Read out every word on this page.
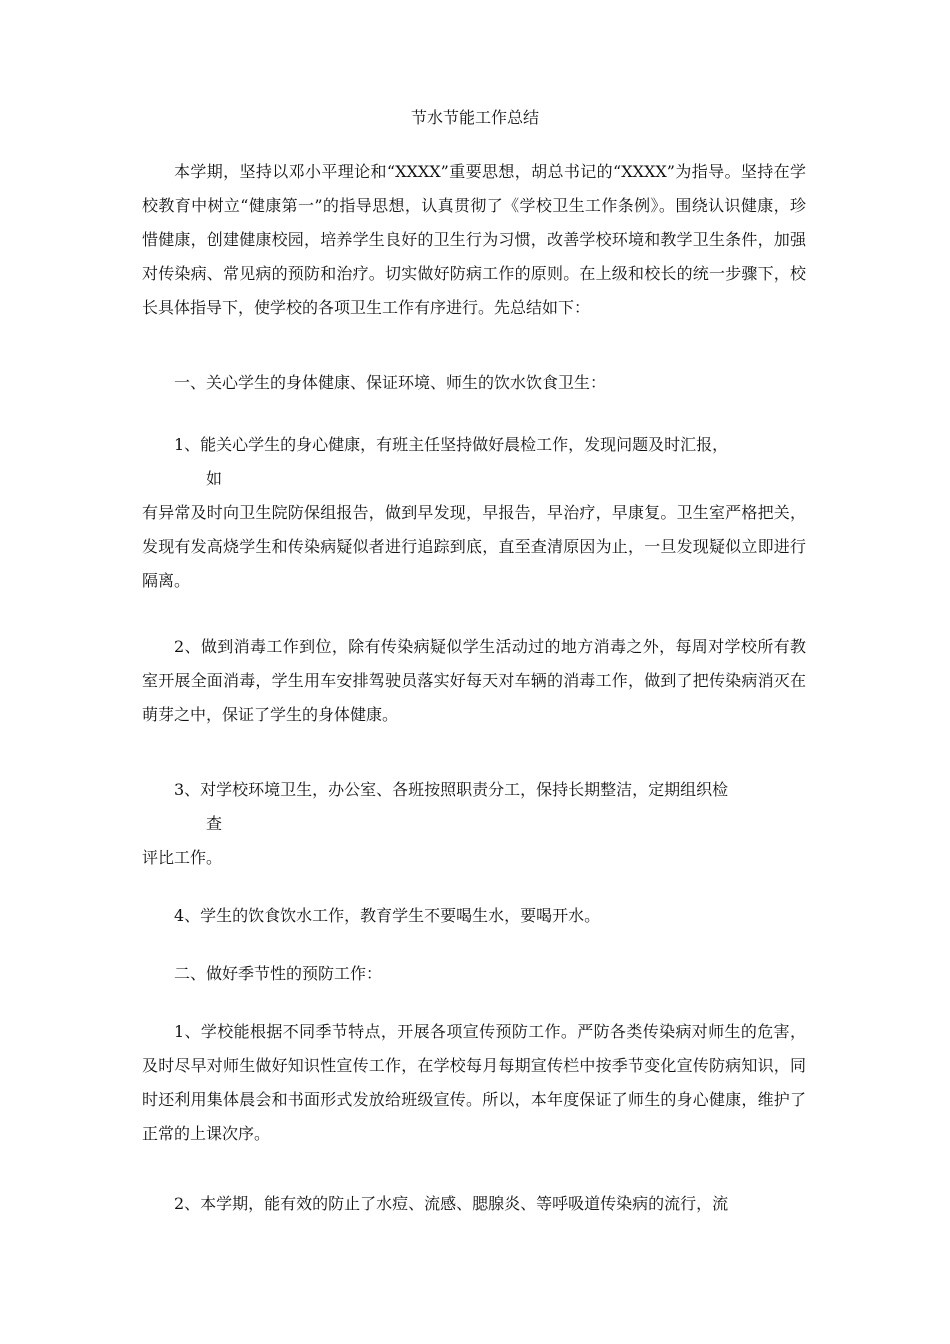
节水节能工作总结

本学期，坚持以邓小平理论和“XXXX”重要思想，胡总书记的“XXXX”为指导。坚持在学校教育中树立“健康第一”的指导思想，认真贯彻了《学校卫生工作条例》。围绕认识健康，珍惜健康，创建健康校园，培养学生良好的卫生行为习惯，改善学校环境和教学卫生条件，加强对传染病、常见病的预防和治疗。切实做好防病工作的原则。在上级和校长的统一步骤下，校长具体指导下，使学校的各项卫生工作有序进行。先总结如下：

一、关心学生的身体健康、保证环境、师生的饮水饮食卫生：

1、能关心学生的身心健康，有班主任坚持做好晨检工作，发现问题及时汇报，
如
有异常及时向卫生院防保组报告，做到早发现，早报告，早治疗，早康复。卫生室严格把关，发现有发高烧学生和传染病疑似者进行追踪到底，直至查清原因为止，一旦发现疑似立即进行隔离。

2、做到消毒工作到位，除有传染病疑似学生活动过的地方消毒之外，每周对学校所有教室开展全面消毒，学生用车安排驾驶员落实好每天对车辆的消毒工作，做到了把传染病消灭在萌芽之中，保证了学生的身体健康。

3、对学校环境卫生，办公室、各班按照职责分工，保持长期整洁，定期组织检
查
评比工作。

4、学生的饮食饮水工作，教育学生不要喝生水，要喝开水。

二、做好季节性的预防工作：

1、学校能根据不同季节特点，开展各项宣传预防工作。严防各类传染病对师生的危害，及时尽早对师生做好知识性宣传工作，在学校每月每期宣传栏中按季节变化宣传防病知识，同时还利用集体晨会和书面形式发放给班级宣传。所以，本年度保证了师生的身心健康，维护了正常的上课次序。

2、本学期，能有效的防止了水痘、流感、腮腺炎、等呼吸道传染病的流行，流
